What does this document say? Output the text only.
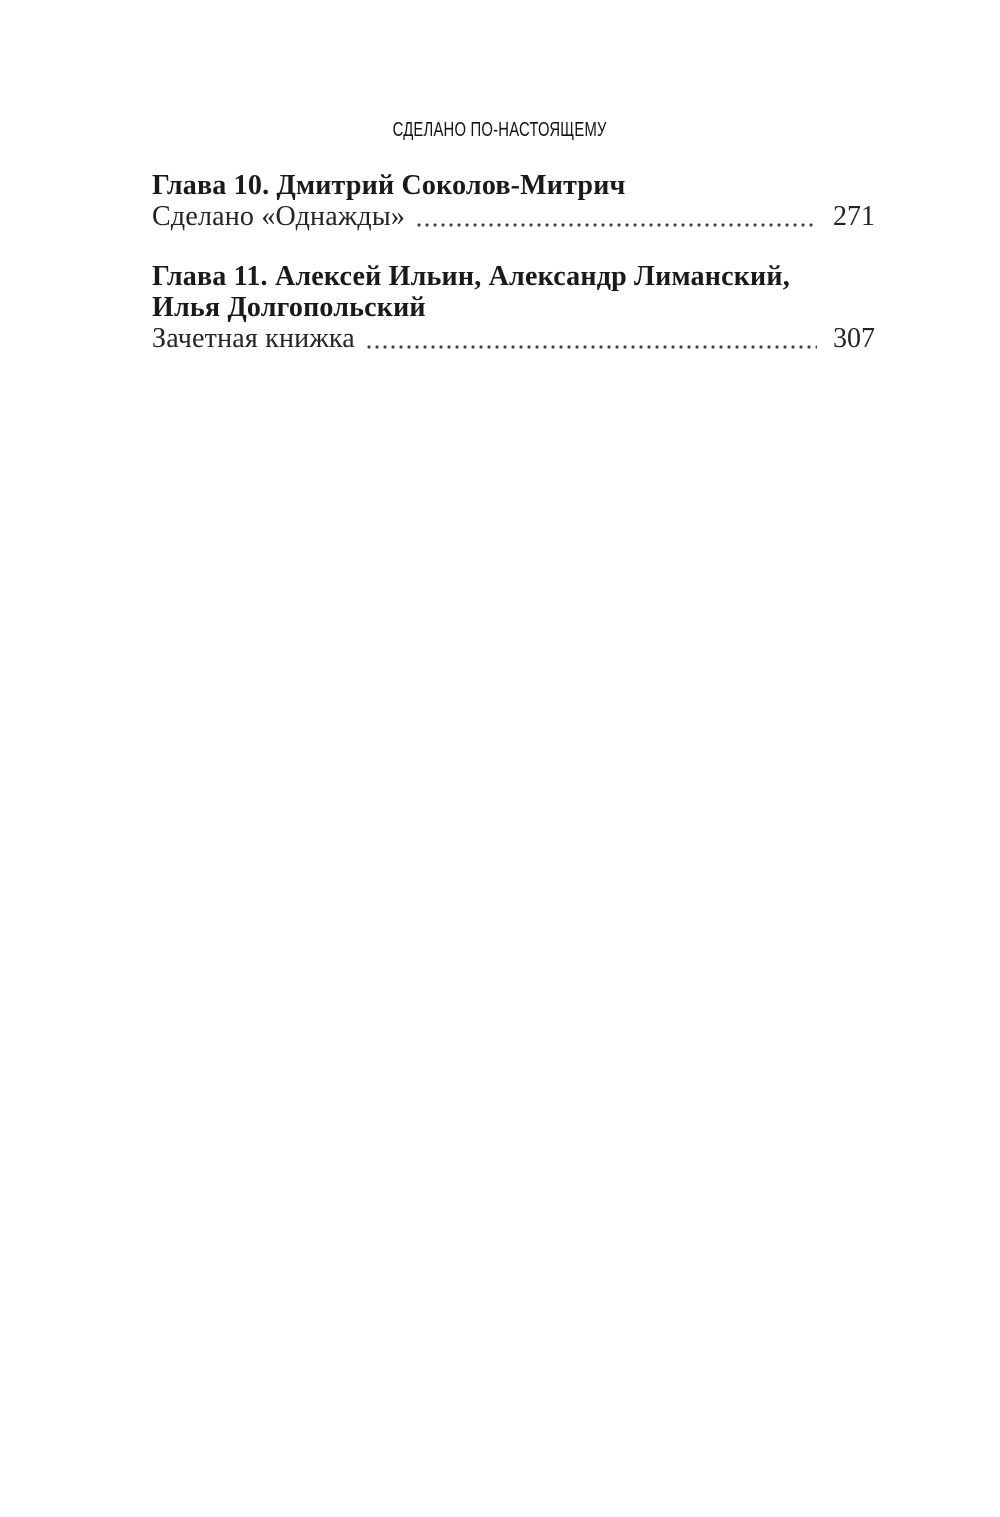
СДЕЛАНО ПО-НАСТОЯЩЕМУ
Глава 10. Дмитрий Соколов-Митрич
Сделано «Однажды»	271
Глава 11. Алексей Ильин, Александр Лиманский,
Илья Долгопольский
Зачетная книжка	307
